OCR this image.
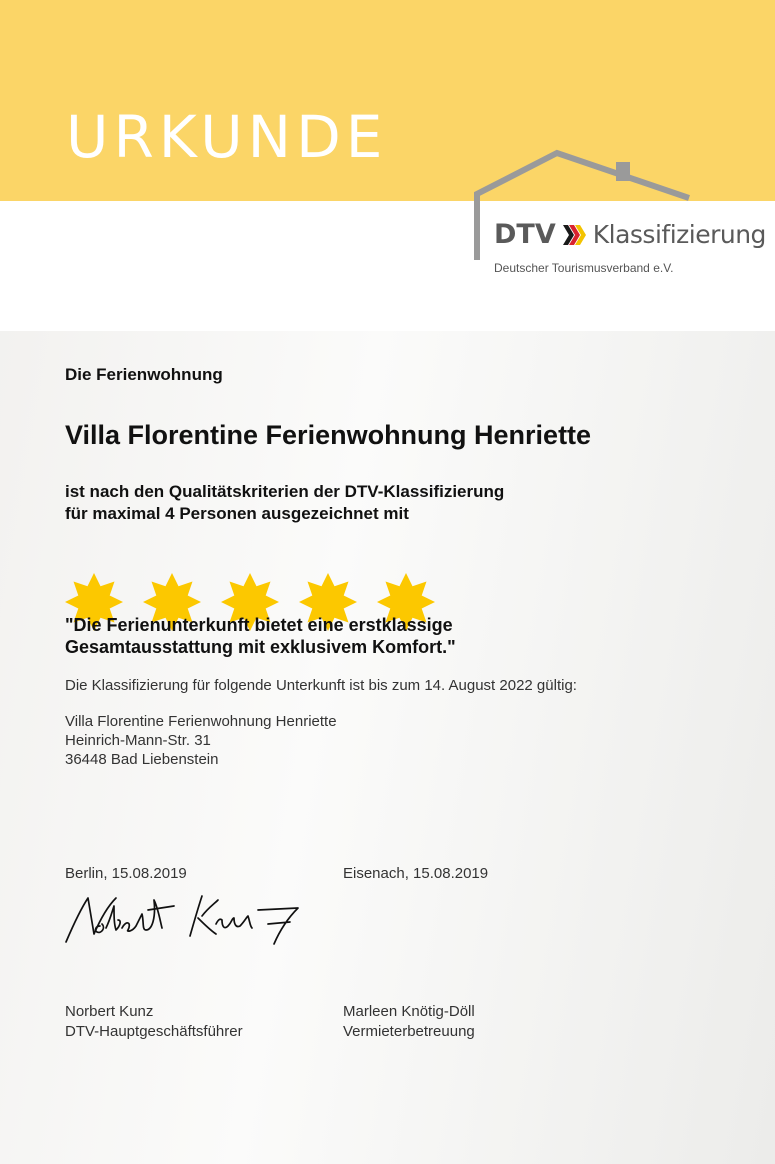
URKUNDE
DTV Klassifizierung
Deutscher Tourismusverband e.V.

Die Ferienwohnung

Villa Florentine Ferienwohnung Henriette

ist nach den Qualitätskriterien der DTV-Klassifizierung
für maximal 4 Personen ausgezeichnet mit

"Die Ferienunterkunft bietet eine erstklassige
Gesamtausstattung mit exklusivem Komfort."

Die Klassifizierung für folgende Unterkunft ist bis zum 14. August 2022 gültig:

Villa Florentine Ferienwohnung Henriette
Heinrich-Mann-Str. 31
36448 Bad Liebenstein

Berlin, 15.08.2019	Eisenach, 15.08.2019

Norbert Kunz
DTV-Hauptgeschäftsführer
Marleen Knötig-Döll
Vermieterbetreuung
